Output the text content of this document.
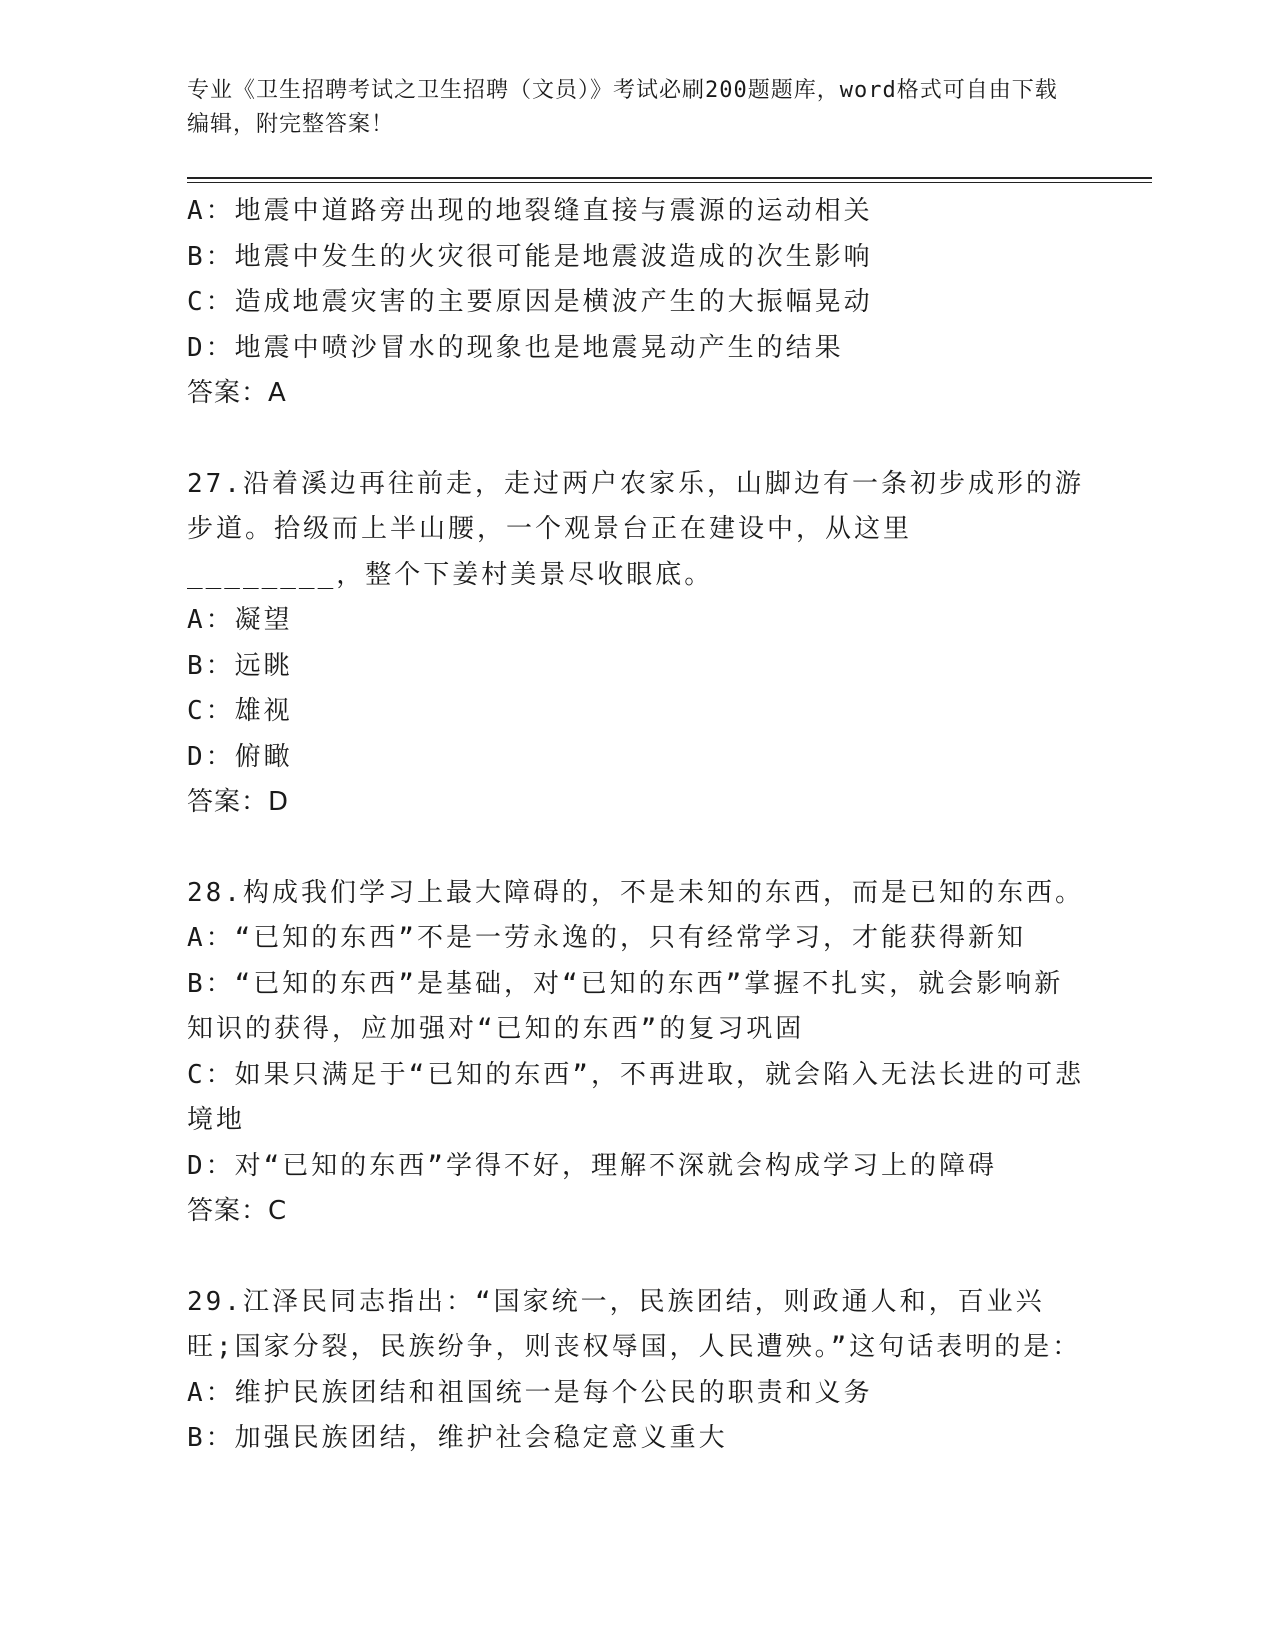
专业《卫生招聘考试之卫生招聘（文员）》考试必刷200题题库，word格式可自由下载编辑，附完整答案！
A：地震中道路旁出现的地裂缝直接与震源的运动相关
B：地震中发生的火灾很可能是地震波造成的次生影响
C：造成地震灾害的主要原因是横波产生的大振幅晃动
D：地震中喷沙冒水的现象也是地震晃动产生的结果
答案：A
27.沿着溪边再往前走，走过两户农家乐，山脚边有一条初步成形的游步道。拾级而上半山腰，一个观景台正在建设中，从这里________，整个下姜村美景尽收眼底。
A：凝望
B：远眺
C：雄视
D：俯瞰
答案：D
28.构成我们学习上最大障碍的，不是未知的东西，而是已知的东西。
A：“已知的东西”不是一劳永逸的，只有经常学习，才能获得新知
B：“已知的东西”是基础，对“已知的东西”掌握不扎实，就会影响新知识的获得，应加强对“已知的东西”的复习巩固
C：如果只满足于“已知的东西”，不再进取，就会陷入无法长进的可悲境地
D：对“已知的东西”学得不好，理解不深就会构成学习上的障碍
答案：C
29.江泽民同志指出：“国家统一，民族团结，则政通人和，百业兴旺;国家分裂，民族纷争，则丧权辱国，人民遭殃。”这句话表明的是：
A：维护民族团结和祖国统一是每个公民的职责和义务
B：加强民族团结，维护社会稳定意义重大
